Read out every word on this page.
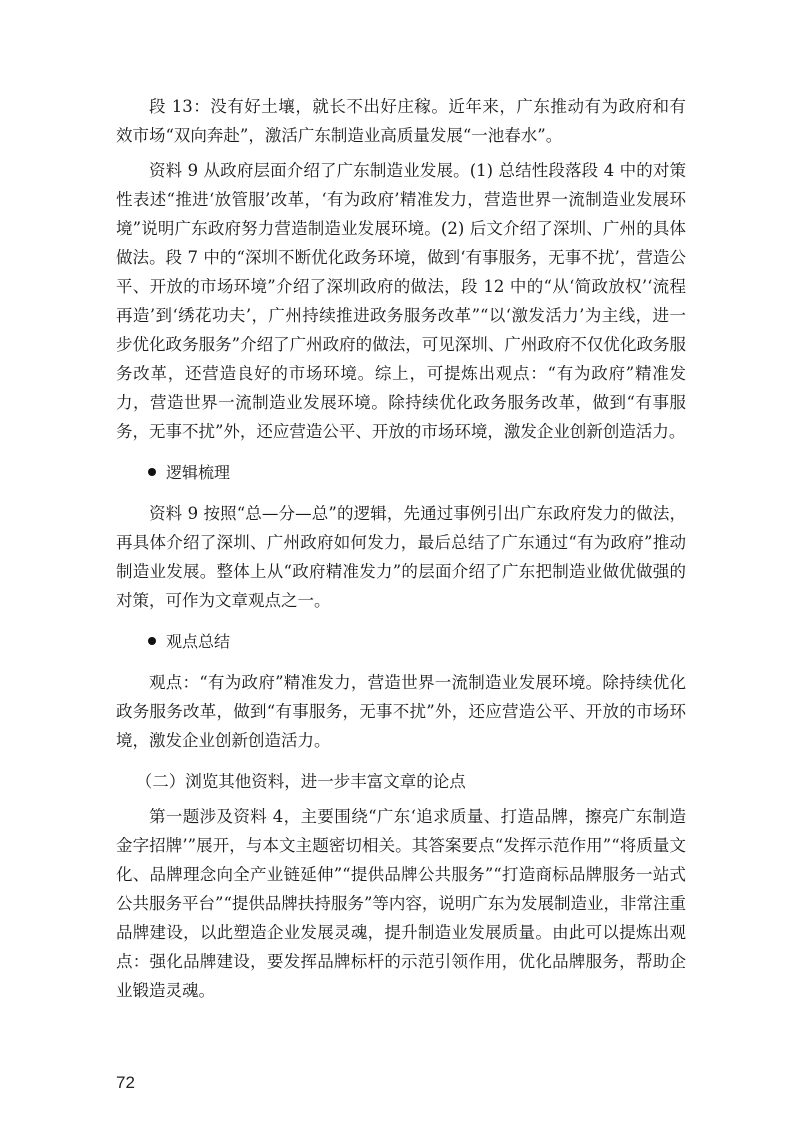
段 13：没有好土壤，就长不出好庄稼。近年来，广东推动有为政府和有效市场“双向奔赴”，激活广东制造业高质量发展“一池春水”。

资料 9 从政府层面介绍了广东制造业发展。(1) 总结性段落段 4 中的对策性表述“推进‘放管服’改革，‘有为政府’精准发力，营造世界一流制造业发展环境”说明广东政府努力营造制造业发展环境。(2) 后文介绍了深圳、广州的具体做法。段 7 中的“深圳不断优化政务环境，做到‘有事服务，无事不扰’，营造公平、开放的市场环境”介绍了深圳政府的做法，段 12 中的“从‘简政放权’‘流程再造’到‘绣花功夫’，广州持续推进政务服务改革”“以‘激发活力’为主线，进一步优化政务服务”介绍了广州政府的做法，可见深圳、广州政府不仅优化政务服务改革，还营造良好的市场环境。综上，可提炼出观点：“有为政府”精准发力，营造世界一流制造业发展环境。除持续优化政务服务改革，做到“有事服务，无事不扰”外，还应营造公平、开放的市场环境，激发企业创新创造活力。

逻辑梳理

资料 9 按照“总—分—总”的逻辑，先通过事例引出广东政府发力的做法，再具体介绍了深圳、广州政府如何发力，最后总结了广东通过“有为政府”推动制造业发展。整体上从“政府精准发力”的层面介绍了广东把制造业做优做强的对策，可作为文章观点之一。

观点总结

观点：“有为政府”精准发力，营造世界一流制造业发展环境。除持续优化政务服务改革，做到“有事服务，无事不扰”外，还应营造公平、开放的市场环境，激发企业创新创造活力。

（二）浏览其他资料，进一步丰富文章的论点

第一题涉及资料 4，主要围绕“广东‘追求质量、打造品牌，擦亮广东制造金字招牌’”展开，与本文主题密切相关。其答案要点“发挥示范作用”“将质量文化、品牌理念向全产业链延伸”“提供品牌公共服务”“打造商标品牌服务一站式公共服务平台”“提供品牌扶持服务”等内容，说明广东为发展制造业，非常注重品牌建设，以此塑造企业发展灵魂，提升制造业发展质量。由此可以提炼出观点：强化品牌建设，要发挥品牌标杆的示范引领作用，优化品牌服务，帮助企业锻造灵魂。

72
